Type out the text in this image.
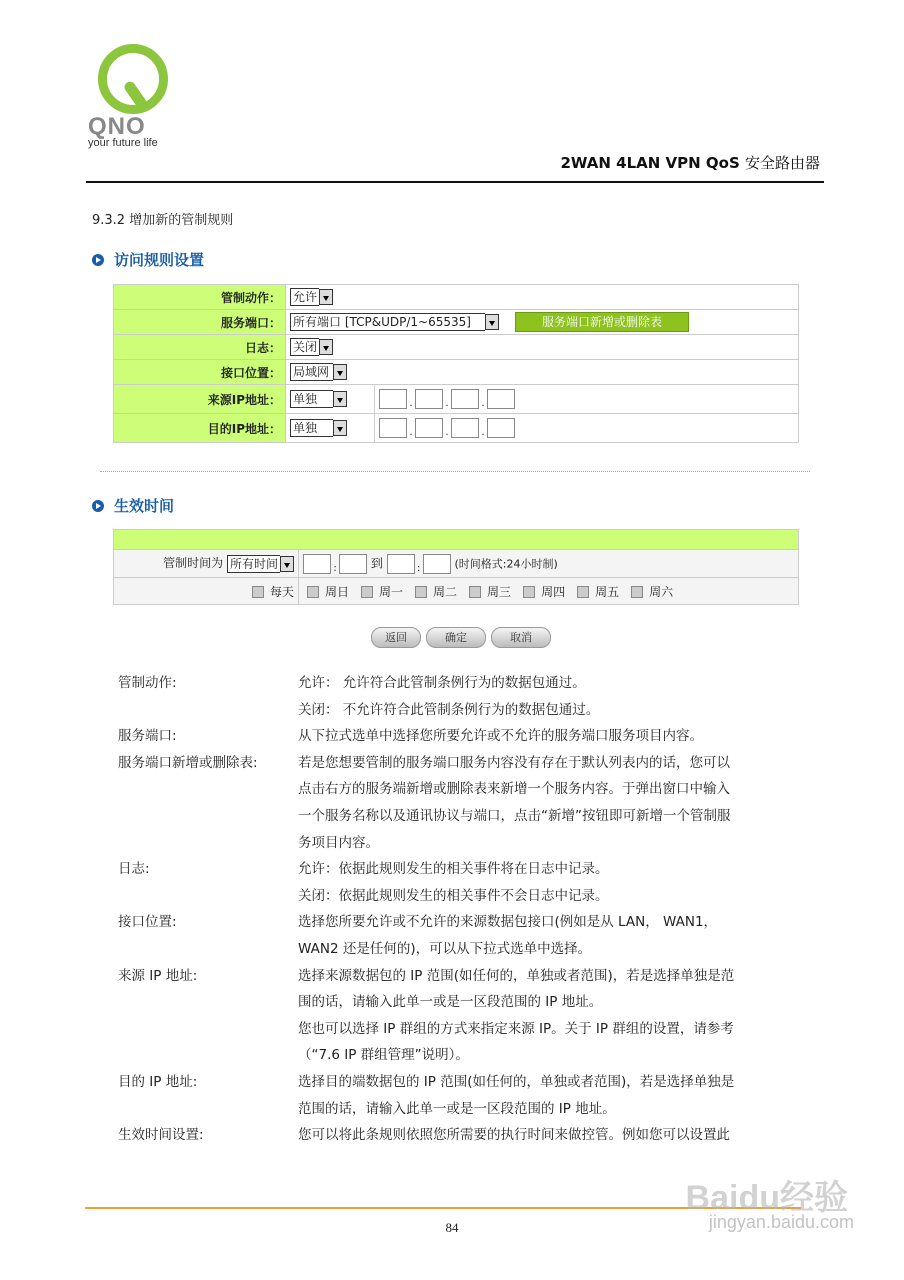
QNO
your future life
2WAN 4LAN VPN QoS 安全路由器
9.3.2 增加新的管制规则
访问规则设置
管制动作：	允许	
服务端口：	所有端口 [TCP&UDP/1~65535] 服务端口新增或删除表	
日志：	关闭	
接口位置：	局域网	
来源IP地址：	单独	. . .
目的IP地址：	单独	. . .
生效时间

管制时间为 所有时间	: 到 : (时间格式:24小时制)
每天	周日 周一 周二 周三 周四 周五 周六
返回	确定	取消
管制动作:	允许： 允许符合此管制条例行为的数据包通过。
关闭： 不允许符合此管制条例行为的数据包通过。
服务端口:	从下拉式选单中选择您所要允许或不允许的服务端口服务项目内容。
服务端口新增或删除表:	若是您想要管制的服务端口服务内容没有存在于默认列表内的话，您可以
点击右方的服务端新增或删除表来新增一个服务内容。于弹出窗口中输入
一个服务名称以及通讯协议与端口，点击“新增”按钮即可新增一个管制服
务项目内容。
日志:	允许：依据此规则发生的相关事件将在日志中记录。
关闭：依据此规则发生的相关事件不会日志中记录。
接口位置:	选择您所要允许或不允许的来源数据包接口(例如是从 LAN， WAN1，
WAN2 还是任何的)，可以从下拉式选单中选择。
来源 IP 地址:	选择来源数据包的 IP 范围(如任何的，单独或者范围)，若是选择单独是范
围的话，请输入此单一或是一区段范围的 IP 地址。
您也可以选择 IP 群组的方式来指定来源 IP。关于 IP 群组的设置，请参考
（“7.6 IP 群组管理”说明）。
目的 IP 地址:	选择目的端数据包的 IP 范围(如任何的，单独或者范围)，若是选择单独是
范围的话，请输入此单一或是一区段范围的 IP 地址。
生效时间设置:	您可以将此条规则依照您所需要的执行时间来做控管。例如您可以设置此
84
Baidu经验
jingyan.baidu.com
